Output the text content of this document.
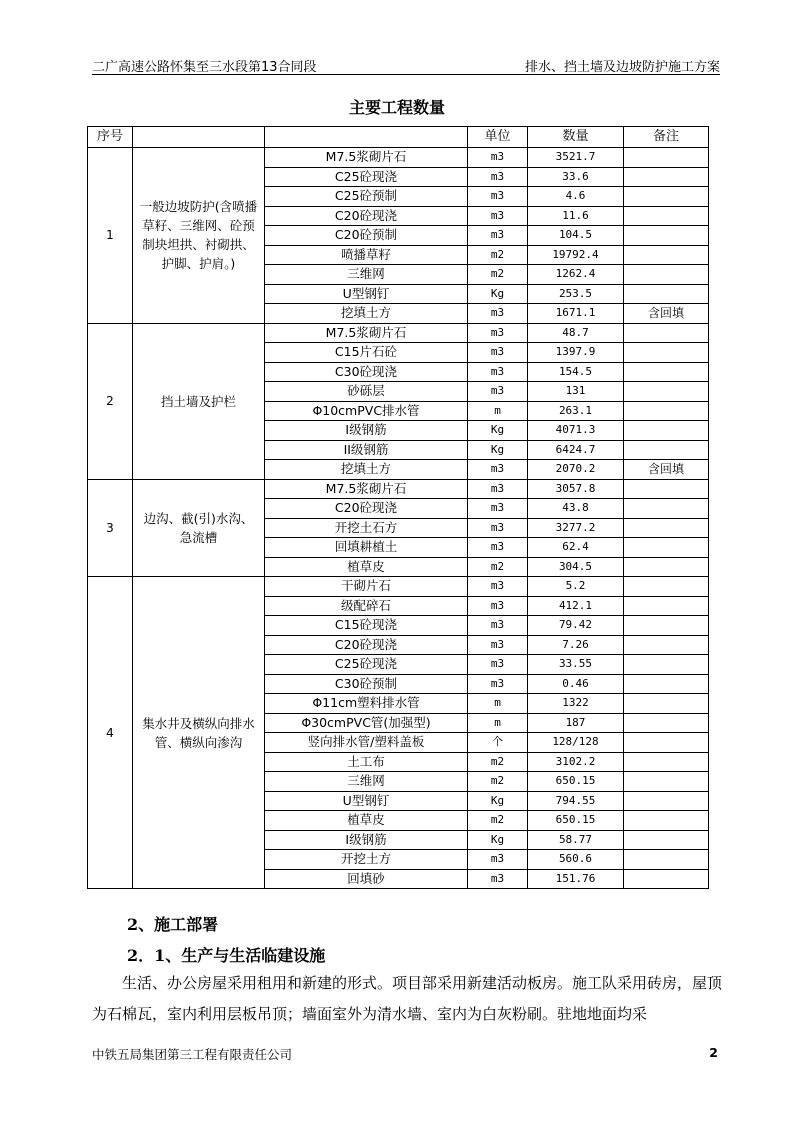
二广高速公路怀集至三水段第13合同段	排水、挡土墙及边坡防护施工方案
主要工程数量
序号			单位	数量	备注
1	一般边坡防护(含喷播草籽、三维网、砼预制块坦拱、衬砌拱、护脚、护肩。)	M7.5浆砌片石	m3	3521.7	
		C25砼现浇	m3	33.6	
		C25砼预制	m3	4.6	
		C20砼现浇	m3	11.6	
		C20砼预制	m3	104.5	
		喷播草籽	m2	19792.4	
		三维网	m2	1262.4	
		U型钢钉	Kg	253.5	
		挖填土方	m3	1671.1	含回填
2	挡土墙及护栏	M7.5浆砌片石	m3	48.7	
		C15片石砼	m3	1397.9	
		C30砼现浇	m3	154.5	
		砂砾层	m3	131	
		Φ10cmPVC排水管	m	263.1	
		I级钢筋	Kg	4071.3	
		II级钢筋	Kg	6424.7	
		挖填土方	m3	2070.2	含回填
3	边沟、截(引)水沟、急流槽	M7.5浆砌片石	m3	3057.8	
		C20砼现浇	m3	43.8	
		开挖土石方	m3	3277.2	
		回填耕植土	m3	62.4	
		植草皮	m2	304.5	
4	集水井及横纵向排水管、横纵向渗沟	干砌片石	m3	5.2	
		级配碎石	m3	412.1	
		C15砼现浇	m3	79.42	
		C20砼现浇	m3	7.26	
		C25砼现浇	m3	33.55	
		C30砼预制	m3	0.46	
		Φ11cm塑料排水管	m	1322	
		Φ30cmPVC管(加强型)	m	187	
		竖向排水管/塑料盖板	个	128/128	
		土工布	m2	3102.2	
		三维网	m2	650.15	
		U型钢钉	Kg	794.55	
		植草皮	m2	650.15	
		I级钢筋	Kg	58.77	
		开挖土方	m3	560.6	
		回填砂	m3	151.76	
2、施工部署
2．1、生产与生活临建设施

生活、办公房屋采用租用和新建的形式。项目部采用新建活动板房。施工队采用砖房，屋顶为石棉瓦，室内利用层板吊顶；墙面室外为清水墙、室内为白灰粉刷。驻地地面均采

中铁五局集团第三工程有限责任公司	2
